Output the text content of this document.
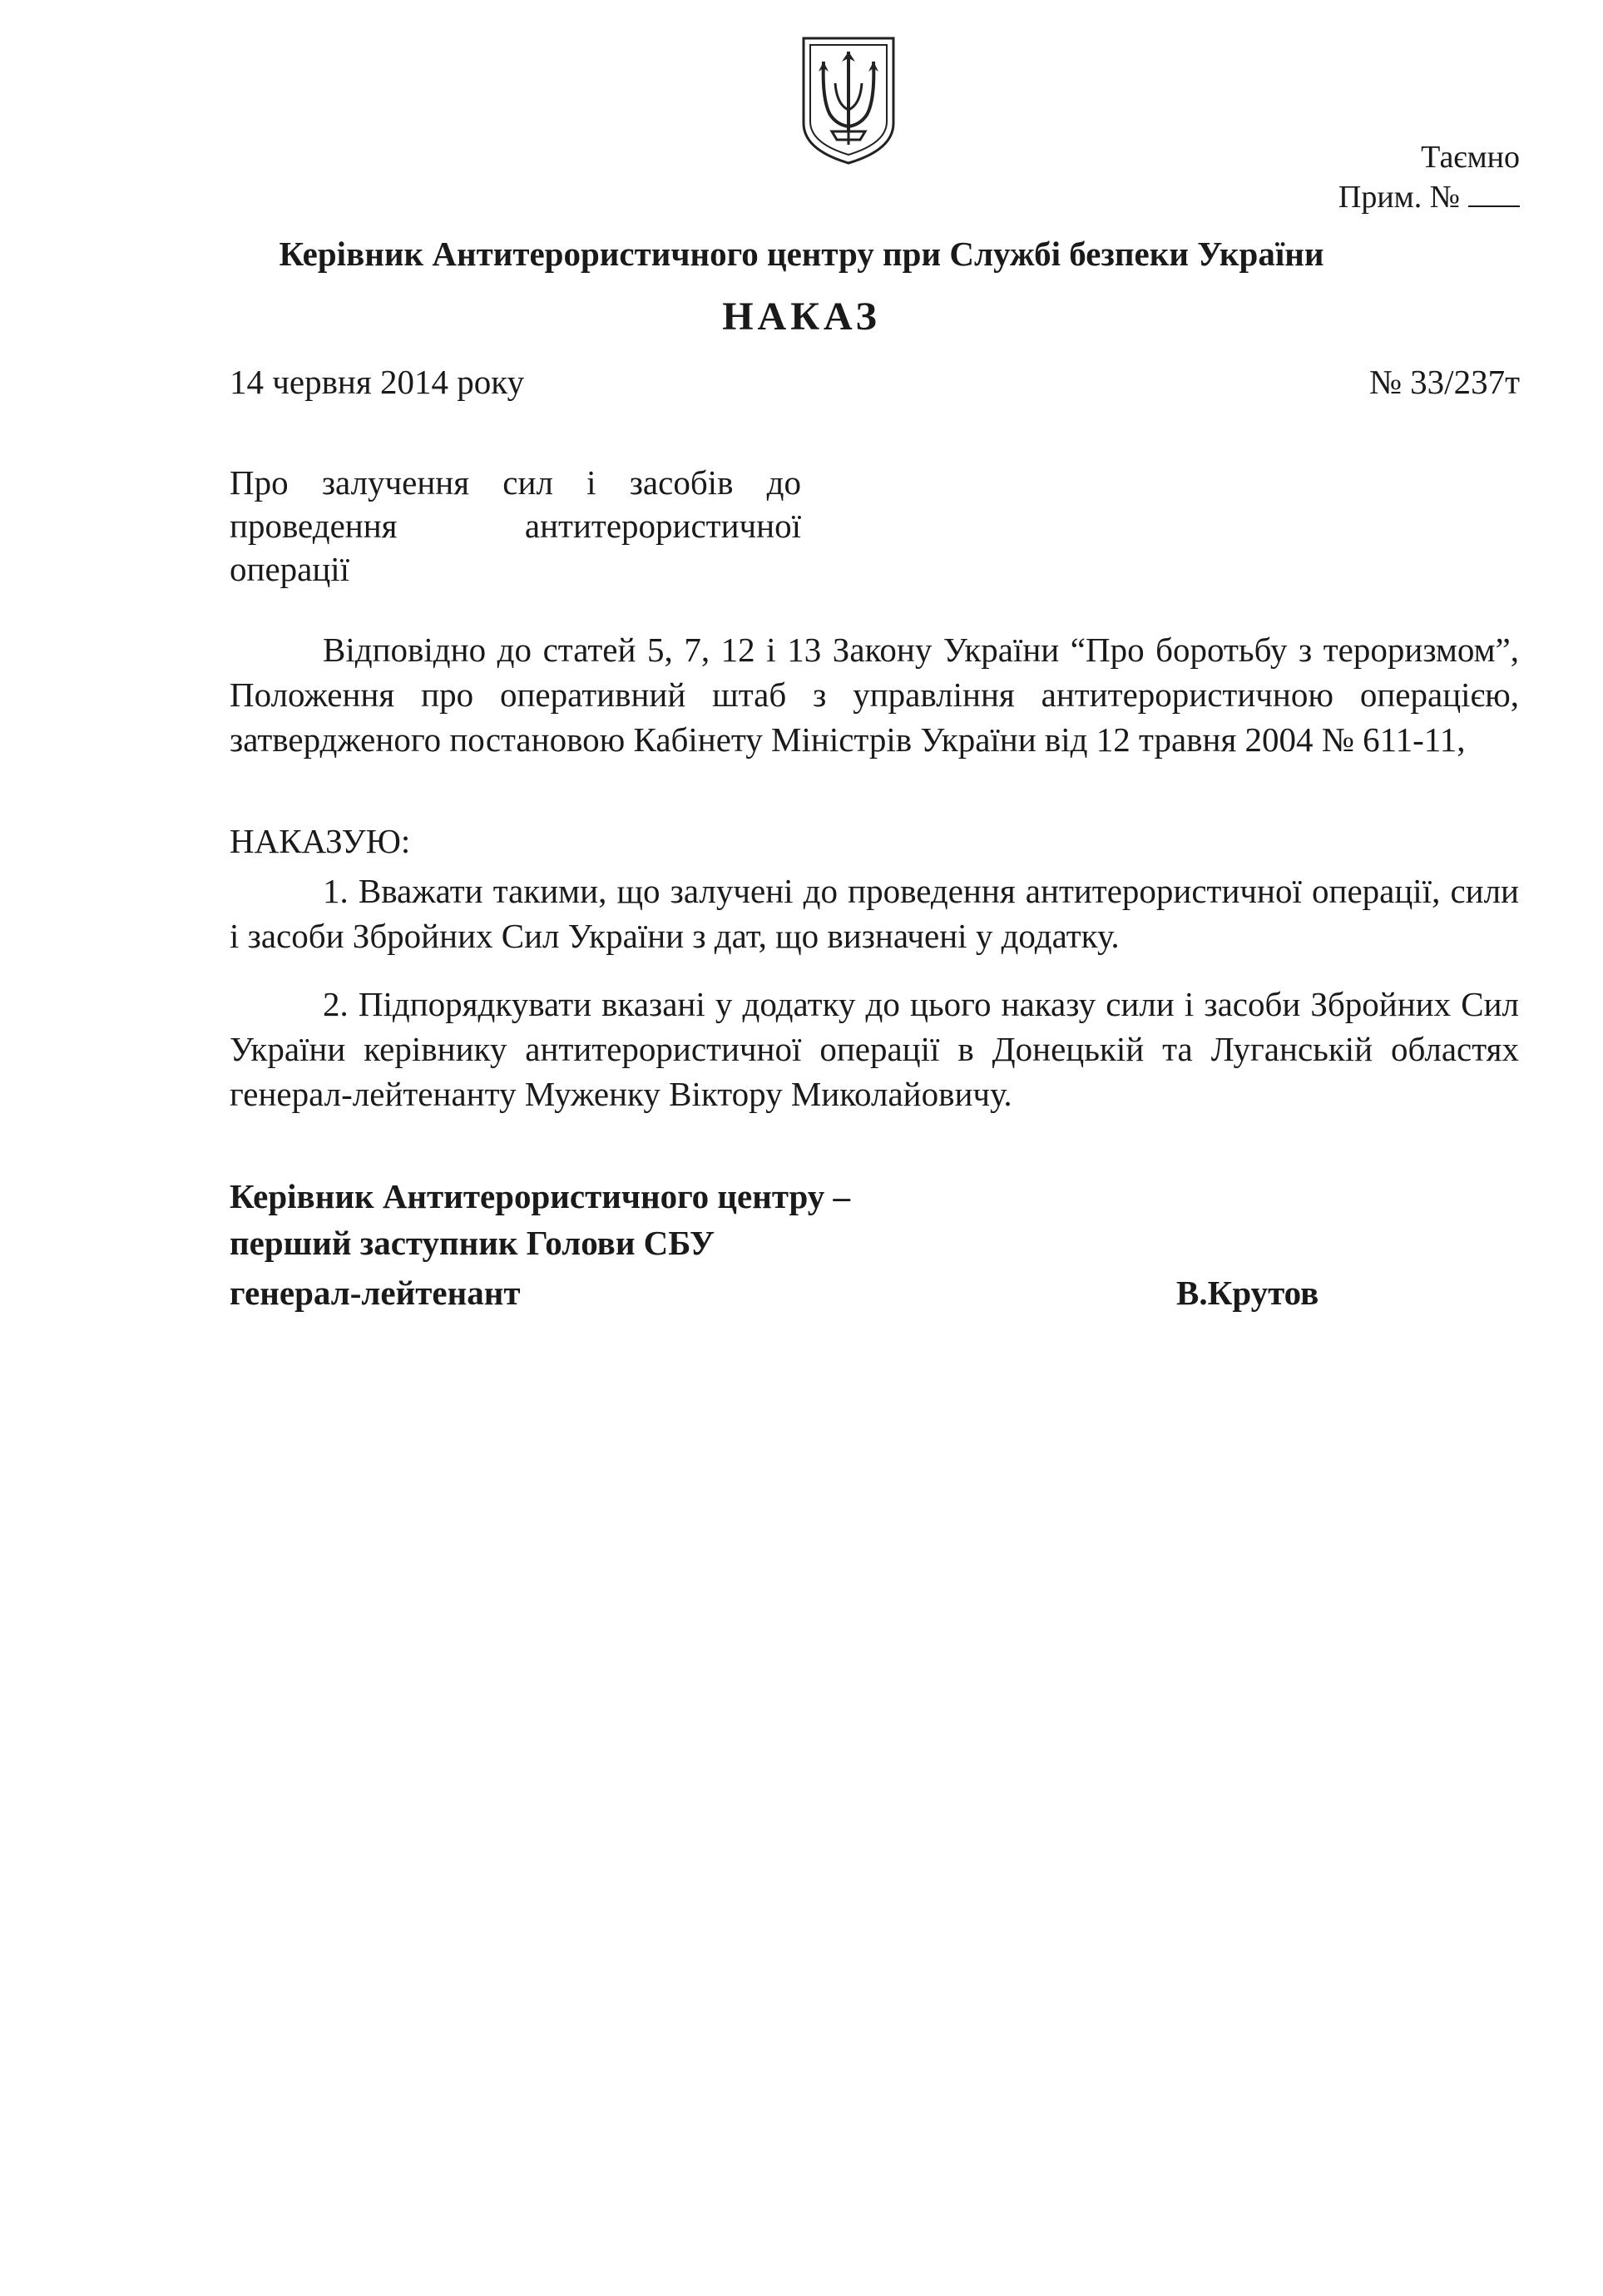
Таємно
Прим. №
Керівник Антитерористичного центру при Службі безпеки України
НАКАЗ
14 червня 2014 року	№ 33/237т
Про залучення сил і засобів до
проведення антитерористичної
операції
Відповідно до статей 5, 7, 12 і 13 Закону України “Про боротьбу з тероризмом”, Положення про оперативний штаб з управління антитерористичною операцією, затвердженого постановою Кабінету Міністрів України від 12 травня 2004 № 611-11,
НАКАЗУЮ:
1. Вважати такими, що залучені до проведення антитерористичної операції, сили і засоби Збройних Сил України з дат, що визначені у додатку.
2. Підпорядкувати вказані у додатку до цього наказу сили і засоби Збройних Сил України керівнику антитерористичної операції в Донецькій та Луганській областях генерал-лейтенанту Муженку Віктору Миколайовичу.
Керівник Антитерористичного центру –
перший заступник Голови СБУ
генерал-лейтенант	В.Крутов
